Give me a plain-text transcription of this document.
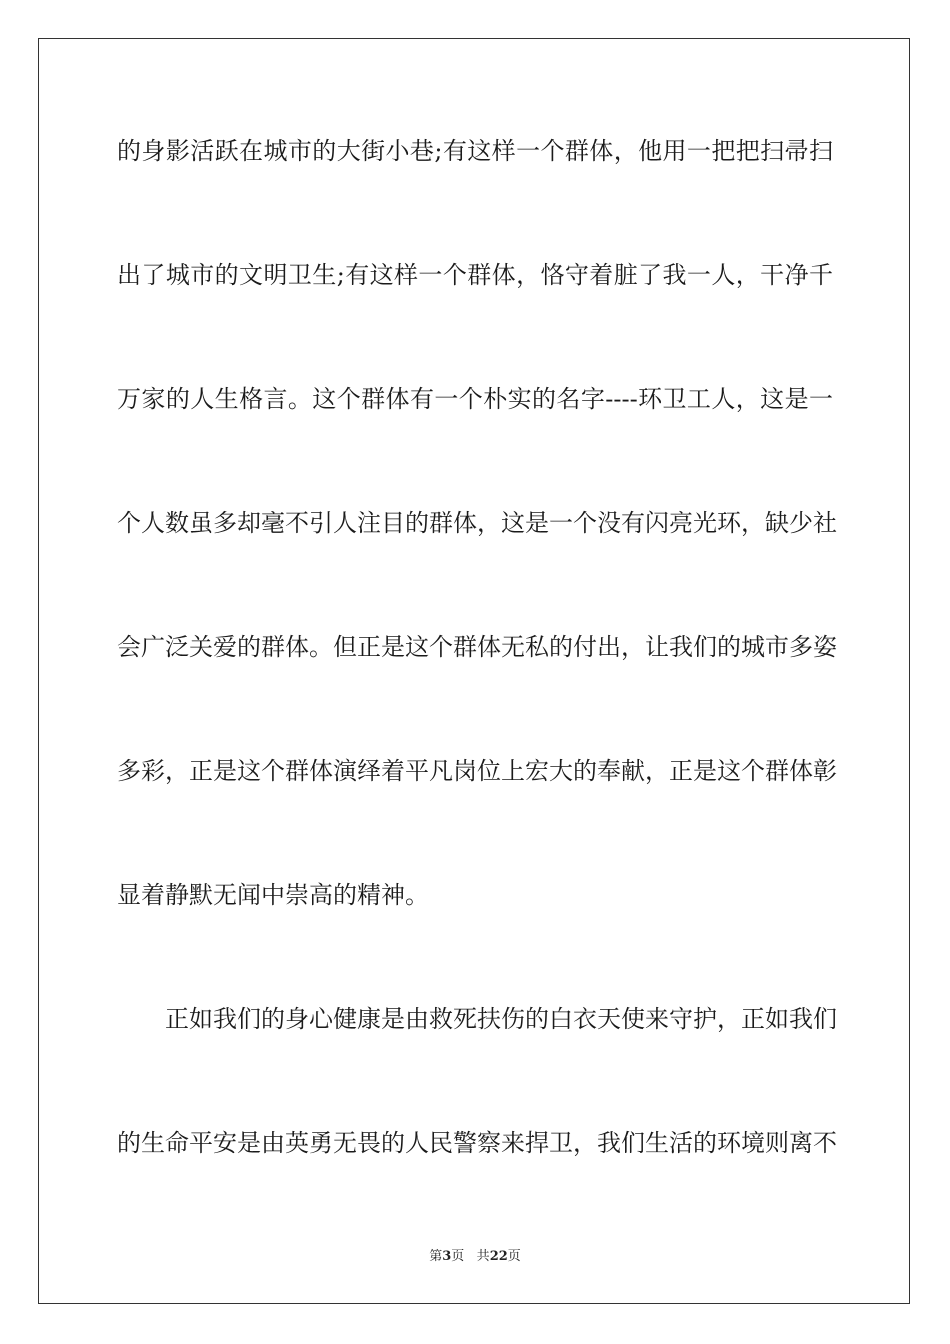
的身影活跃在城市的大街小巷;有这样一个群体，他用一把把扫帚扫
出了城市的文明卫生;有这样一个群体，恪守着脏了我一人，干净千
万家的人生格言。这个群体有一个朴实的名字----环卫工人，这是一
个人数虽多却毫不引人注目的群体，这是一个没有闪亮光环，缺少社
会广泛关爱的群体。但正是这个群体无私的付出，让我们的城市多姿
多彩，正是这个群体演绎着平凡岗位上宏大的奉献，正是这个群体彰
显着静默无闻中崇高的精神。
正如我们的身心健康是由救死扶伤的白衣天使来守护，正如我们
的生命平安是由英勇无畏的人民警察来捍卫，我们生活的环境则离不
第3页 共22页
